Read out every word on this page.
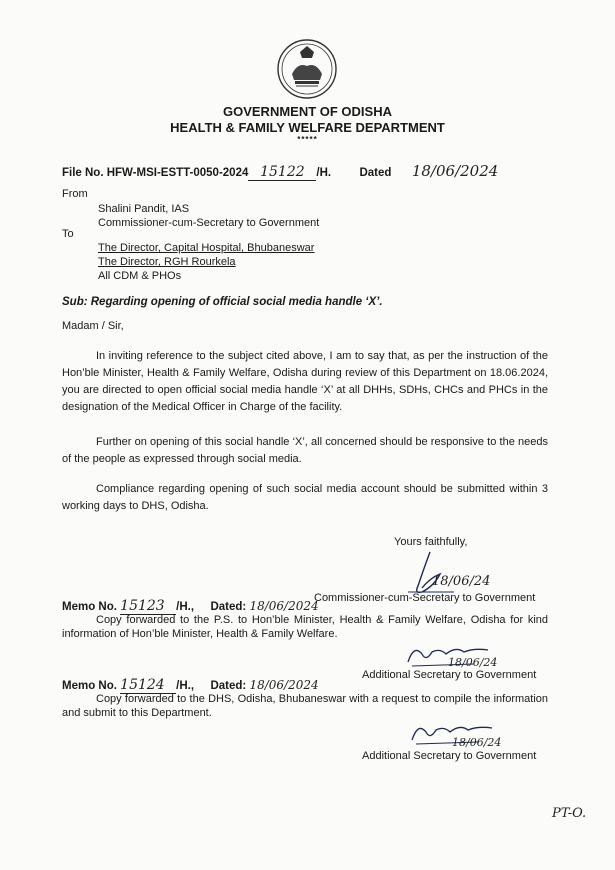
GOVERNMENT OF ODISHA
HEALTH & FAMILY WELFARE DEPARTMENT
*****
File No. HFW-MSI-ESTT-0050-2024 15122 /H. Dated 18/06/2024
From
Shalini Pandit, IAS
Commissioner-cum-Secretary to Government
To
The Director, Capital Hospital, Bhubaneswar
The Director, RGH Rourkela
All CDM & PHOs
Sub: Regarding opening of official social media handle ‘X’.
Madam / Sir,
In inviting reference to the subject cited above, I am to say that, as per the instruction of the Hon’ble Minister, Health & Family Welfare, Odisha during review of this Department on 18.06.2024, you are directed to open official social media handle ‘X’ at all DHHs, SDHs, CHCs and PHCs in the designation of the Medical Officer in Charge of the facility.
Further on opening of this social handle ‘X’, all concerned should be responsive to the needs of the people as expressed through social media.
Compliance regarding opening of such social media account should be submitted within 3 working days to DHS, Odisha.
Yours faithfully,
18/06/24
Commissioner-cum-Secretary to Government
Memo No. 15123 /H., Dated: 18/06/2024
Copy forwarded to the P.S. to Hon’ble Minister, Health & Family Welfare, Odisha for kind information of Hon’ble Minister, Health & Family Welfare.
18/06/24
Additional Secretary to Government
Memo No. 15124 /H., Dated: 18/06/2024
Copy forwarded to the DHS, Odisha, Bhubaneswar with a request to compile the information and submit to this Department.
18/06/24
Additional Secretary to Government
PT-O.
